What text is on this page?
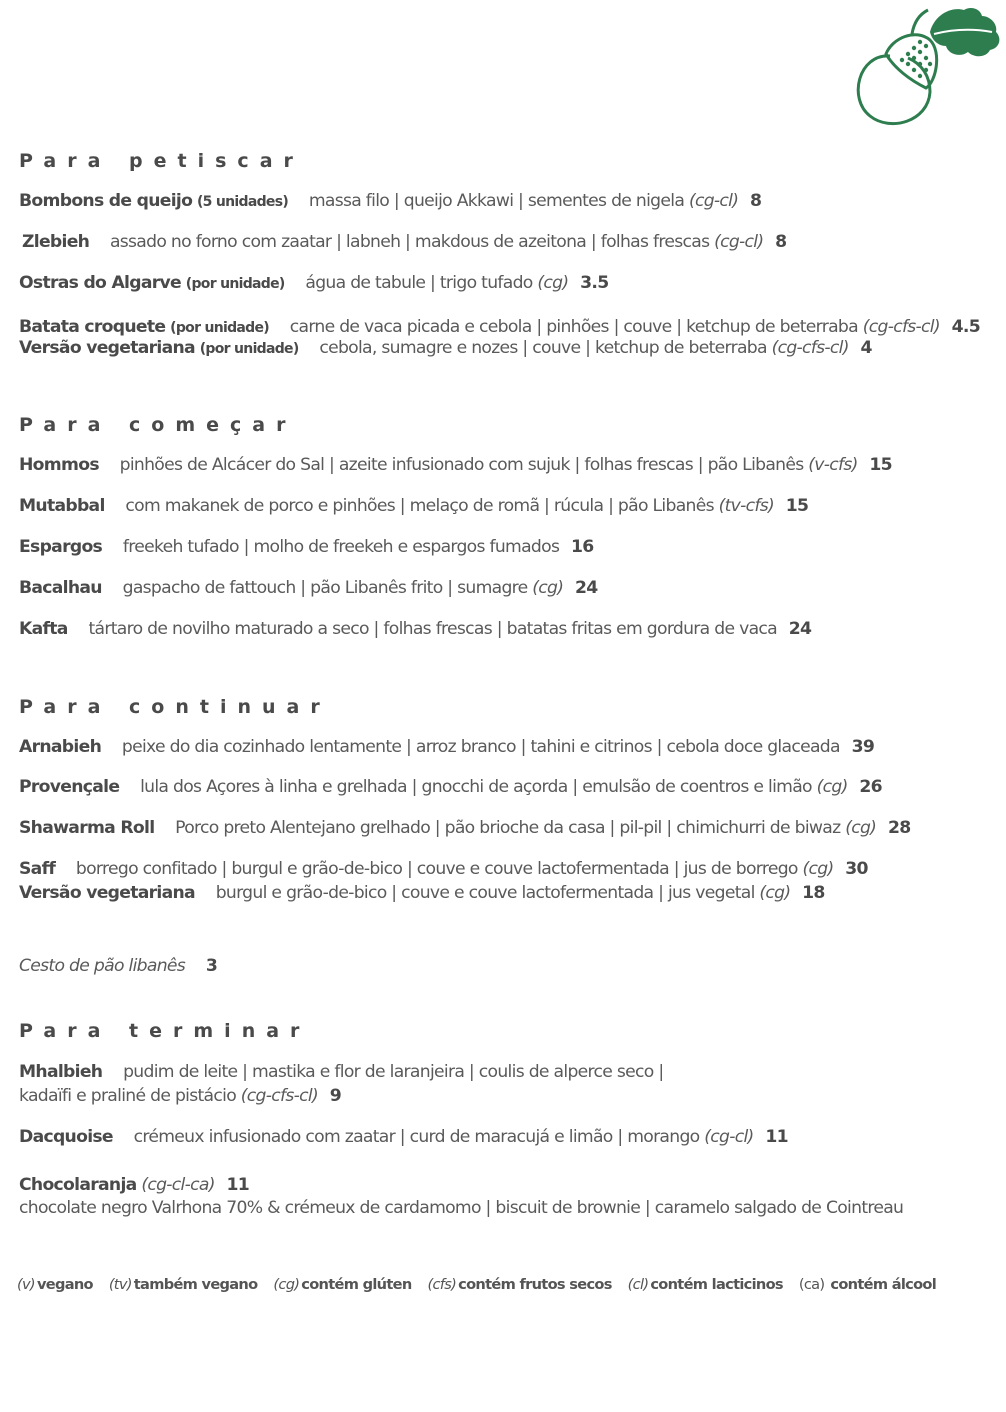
Para petiscar
Bombons de queijo (5 unidades) massa filo | queijo Akkawi | sementes de nigela (cg-cl) 8
Zlebieh assado no forno com zaatar | labneh | makdous de azeitona | folhas frescas (cg-cl) 8
Ostras do Algarve (por unidade) água de tabule | trigo tufado (cg) 3.5
Batata croquete (por unidade) carne de vaca picada e cebola | pinhões | couve | ketchup de beterraba (cg-cfs-cl) 4.5
Versão vegetariana (por unidade) cebola, sumagre e nozes | couve | ketchup de beterraba (cg-cfs-cl) 4
Para começar
Hommos pinhões de Alcácer do Sal | azeite infusionado com sujuk | folhas frescas | pão Libanês (v-cfs) 15
Mutabbal com makanek de porco e pinhões | melaço de romã | rúcula | pão Libanês (tv-cfs) 15
Espargos freekeh tufado | molho de freekeh e espargos fumados 16
Bacalhau gaspacho de fattouch | pão Libanês frito | sumagre (cg) 24
Kafta tártaro de novilho maturado a seco | folhas frescas | batatas fritas em gordura de vaca 24
Para continuar
Arnabieh peixe do dia cozinhado lentamente | arroz branco | tahini e citrinos | cebola doce glaceada 39
Provençale lula dos Açores à linha e grelhada | gnocchi de açorda | emulsão de coentros e limão (cg) 26
Shawarma Roll Porco preto Alentejano grelhado | pão brioche da casa | pil-pil | chimichurri de biwaz (cg) 28
Saff borrego confitado | burgul e grão-de-bico | couve e couve lactofermentada | jus de borrego (cg) 30
Versão vegetariana burgul e grão-de-bico | couve e couve lactofermentada | jus vegetal (cg) 18
Cesto de pão libanês 3
Para terminar
Mhalbieh pudim de leite | mastika e flor de laranjeira | coulis de alperce seco |
kadaïfi e praliné de pistácio (cg-cfs-cl) 9
Dacquoise crémeux infusionado com zaatar | curd de maracujá e limão | morango (cg-cl) 11
Chocolaranja (cg-cl-ca) 11
chocolate negro Valrhona 70% & crémeux de cardamomo | biscuit de brownie | caramelo salgado de Cointreau
(v) vegano (tv) também vegano (cg) contém glúten (cfs) contém frutos secos (cl) contém lacticinos (ca) contém álcool
